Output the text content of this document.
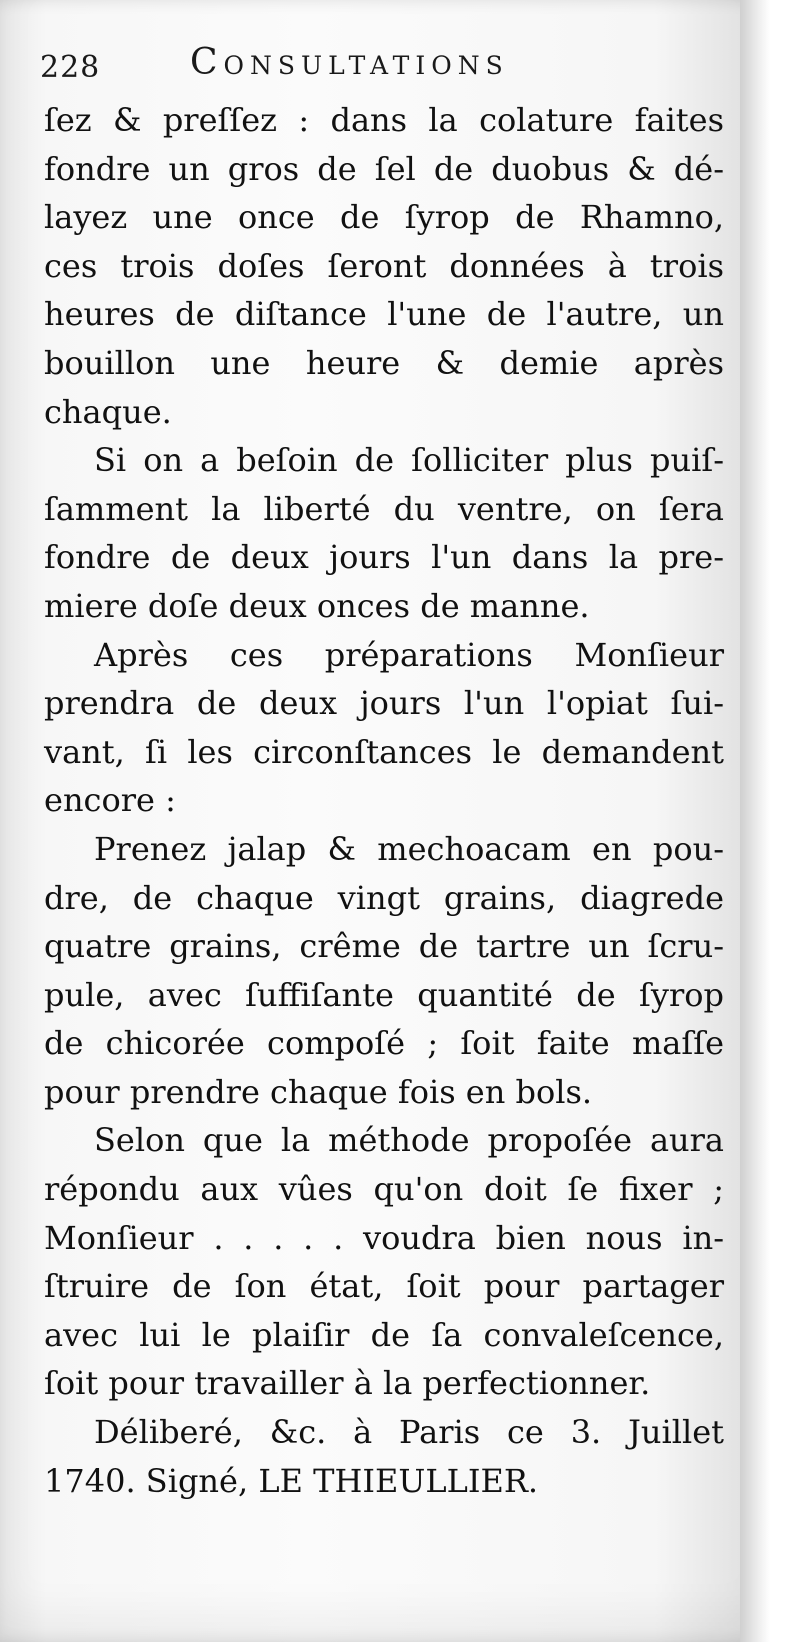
228 Consultations
ſez & preſſez : dans la colature faites
fondre un gros de ſel de duobus & dé-
layez une once de ſyrop de Rhamno,
ces trois doſes ſeront données à trois
heures de diſtance l'une de l'autre, un
bouillon une heure & demie après
chaque.
Si on a beſoin de ſolliciter plus puiſ-
ſamment la liberté du ventre, on ſera
fondre de deux jours l'un dans la pre-
miere doſe deux onces de manne.
Après ces préparations Monſieur
prendra de deux jours l'un l'opiat ſui-
vant, ſi les circonſtances le demandent
encore :
Prenez jalap & mechoacam en pou-
dre, de chaque vingt grains, diagrede
quatre grains, crême de tartre un ſcru-
pule, avec ſuffiſante quantité de ſyrop
de chicorée compoſé ; ſoit faite maſſe
pour prendre chaque fois en bols.
Selon que la méthode propoſée aura
répondu aux vûes qu'on doit ſe fixer ;
Monſieur . . . . . voudra bien nous in-
ſtruire de ſon état, ſoit pour partager
avec lui le plaiſir de ſa convaleſcence,
ſoit pour travailler à la perfectionner.
Déliberé, &c. à Paris ce 3. Juillet
1740. Signé, LE THIEULLIER.
